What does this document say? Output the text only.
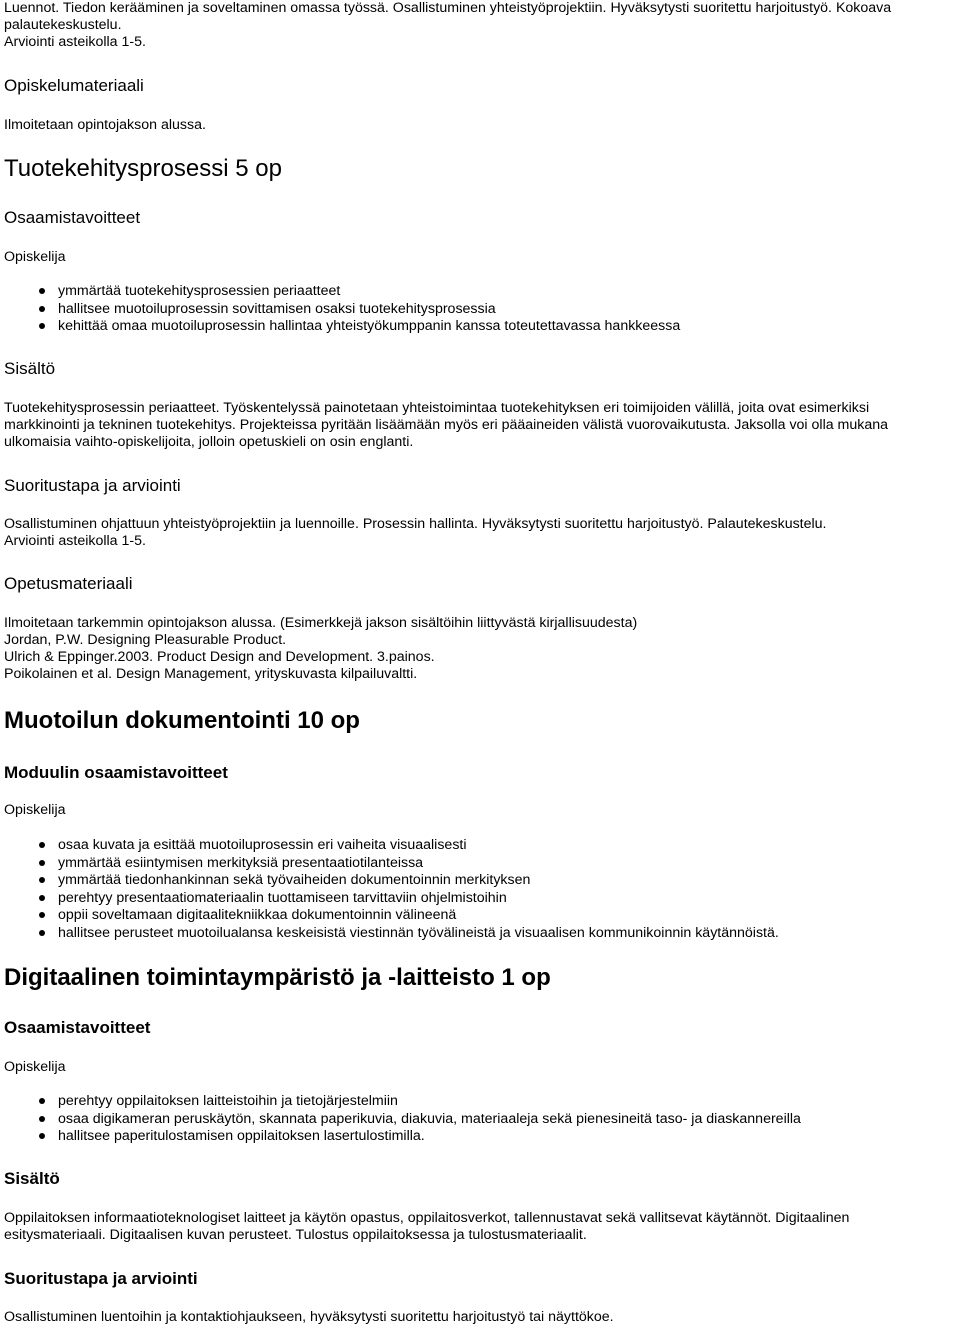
Luennot. Tiedon kerääminen ja soveltaminen omassa työssä. Osallistuminen yhteistyöprojektiin. Hyväksytysti suoritettu harjoitustyö. Kokoava

palautekeskustelu.

Arviointi asteikolla 1-5.

Opiskelumateriaali

Ilmoitetaan opintojakson alussa.

Tuotekehitysprosessi 5 op
Osaamistavoitteet

Opiskelija

ymmärtää tuotekehitysprosessien periaatteet
hallitsee muotoiluprosessin sovittamisen osaksi tuotekehitysprosessia
kehittää omaa muotoiluprosessin hallintaa yhteistyökumppanin kanssa toteutettavassa hankkeessa
Sisältö

Tuotekehitysprosessin periaatteet. Työskentelyssä painotetaan yhteistoimintaa tuotekehityksen eri toimijoiden välillä, joita ovat esimerkiksi

markkinointi ja tekninen tuotekehitys. Projekteissa pyritään lisäämään myös eri pääaineiden välistä vuorovaikutusta. Jaksolla voi olla mukana

ulkomaisia vaihto-opiskelijoita, jolloin opetuskieli on osin englanti.

Suoritustapa ja arviointi

Osallistuminen ohjattuun yhteistyöprojektiin ja luennoille. Prosessin hallinta. Hyväksytysti suoritettu harjoitustyö. Palautekeskustelu.

Arviointi asteikolla 1-5.

Opetusmateriaali

Ilmoitetaan tarkemmin opintojakson alussa. (Esimerkkejä jakson sisältöihin liittyvästä kirjallisuudesta)

Jordan, P.W. Designing Pleasurable Product.

Ulrich & Eppinger.2003. Product Design and Development. 3.painos.

Poikolainen et al. Design Management, yrityskuvasta kilpailuvaltti.

Muotoilun dokumentointi 10 op
Moduulin osaamistavoitteet

Opiskelija

osaa kuvata ja esittää muotoiluprosessin eri vaiheita visuaalisesti
ymmärtää esiintymisen merkityksiä presentaatiotilanteissa
ymmärtää tiedonhankinnan sekä työvaiheiden dokumentoinnin merkityksen
perehtyy presentaatiomateriaalin tuottamiseen tarvittaviin ohjelmistoihin
oppii soveltamaan digitaalitekniikkaa dokumentoinnin välineenä
hallitsee perusteet muotoilualansa keskeisistä viestinnän työvälineistä ja visuaalisen kommunikoinnin käytännöistä.
Digitaalinen toimintaympäristö ja -laitteisto 1 op
Osaamistavoitteet

Opiskelija

perehtyy oppilaitoksen laitteistoihin ja tietojärjestelmiin
osaa digikameran peruskäytön, skannata paperikuvia, diakuvia, materiaaleja sekä pienesineitä taso- ja diaskannereilla
hallitsee paperitulostamisen oppilaitoksen lasertulostimilla.
Sisältö

Oppilaitoksen informaatioteknologiset laitteet ja käytön opastus, oppilaitosverkot, tallennustavat sekä vallitsevat käytännöt. Digitaalinen

esitysmateriaali. Digitaalisen kuvan perusteet. Tulostus oppilaitoksessa ja tulostusmateriaalit.

Suoritustapa ja arviointi

Osallistuminen luentoihin ja kontaktiohjaukseen, hyväksytysti suoritettu harjoitustyö tai näyttökoe.
